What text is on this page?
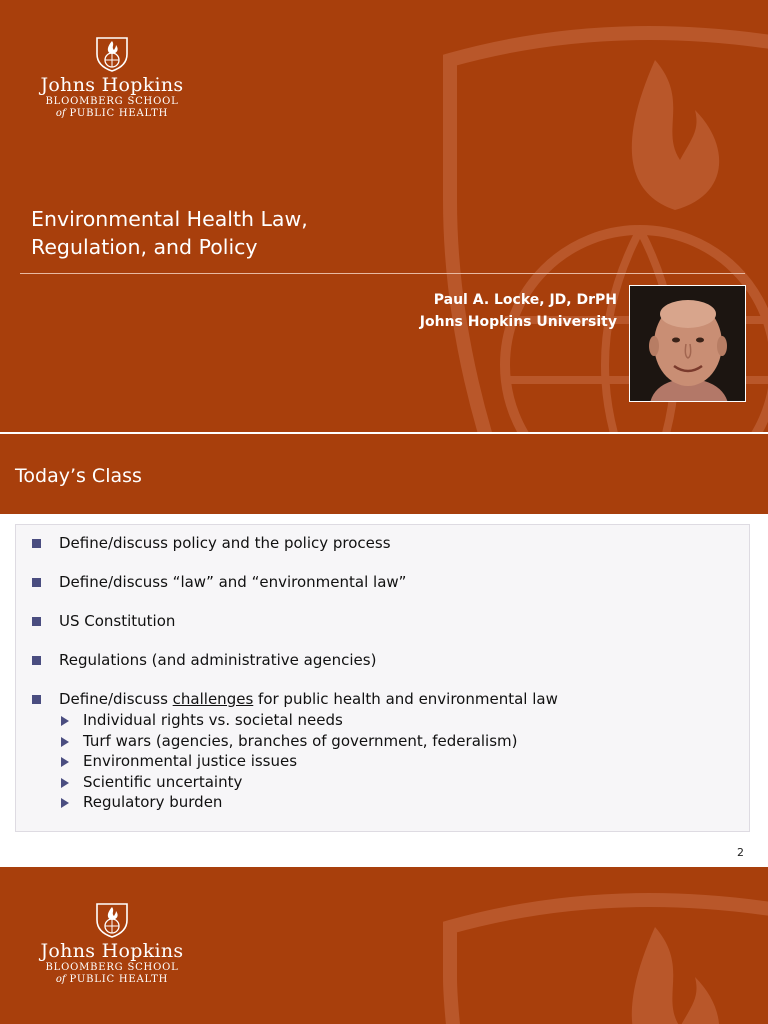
Johns Hopkins
BLOOMBERG SCHOOL
of PUBLIC HEALTH
Environmental Health Law,
Regulation, and Policy
Paul A. Locke, JD, DrPH
Johns Hopkins University
Today’s Class
Define/discuss policy and the policy process
Define/discuss “law” and “environmental law”
US Constitution
Regulations (and administrative agencies)
Define/discuss challenges for public health and environmental law
Individual rights vs. societal needs
Turf wars (agencies, branches of government, federalism)
Environmental justice issues
Scientific uncertainty
Regulatory burden
2
Johns Hopkins
BLOOMBERG SCHOOL
of PUBLIC HEALTH
